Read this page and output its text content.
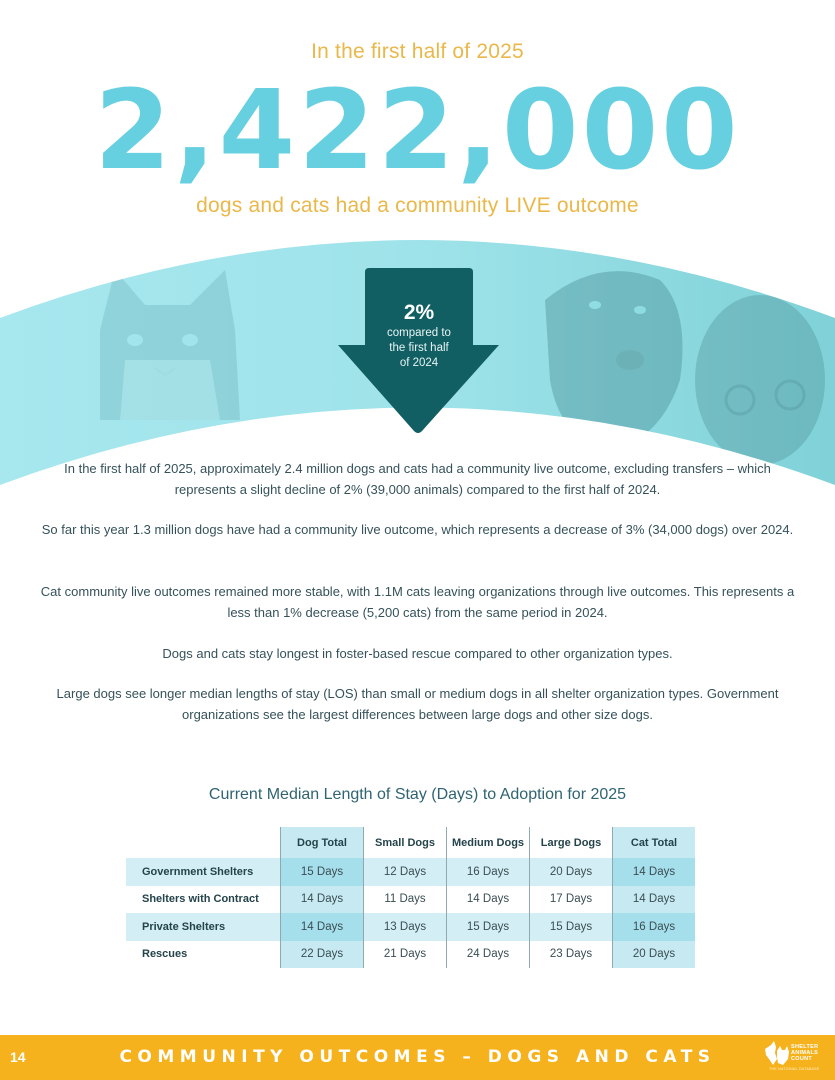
In the first half of 2025
2,422,000
dogs and cats had a community LIVE outcome
2%
compared to
the first half
of 2024

In the first half of 2025, approximately 2.4 million dogs and cats had a community live outcome, excluding transfers – which represents a slight decline of 2% (39,000 animals) compared to the first half of 2024.

So far this year 1.3 million dogs have had a community live outcome, which represents a decrease of 3% (34,000 dogs) over 2024.

Cat community live outcomes remained more stable, with 1.1M cats leaving organizations through live outcomes. This represents a less than 1% decrease (5,200 cats) from the same period in 2024.

Dogs and cats stay longest in foster-based rescue compared to other organization types.

Large dogs see longer median lengths of stay (LOS) than small or medium dogs in all shelter organization types. Government organizations see the largest differences between large dogs and other size dogs.

Current Median Length of Stay (Days) to Adoption for 2025
	Dog Total	Small Dogs	Medium Dogs	Large Dogs	Cat Total
Government Shelters	15 Days	12 Days	16 Days	20 Days	14 Days
Shelters with Contract	14 Days	11 Days	14 Days	17 Days	14 Days
Private Shelters	14 Days	13 Days	15 Days	15 Days	16 Days
Rescues	22 Days	21 Days	24 Days	23 Days	20 Days
14	COMMUNITY OUTCOMES – DOGS AND CATS	SHELTER
ANIMALS
COUNT
THE NATIONAL DATABASE
